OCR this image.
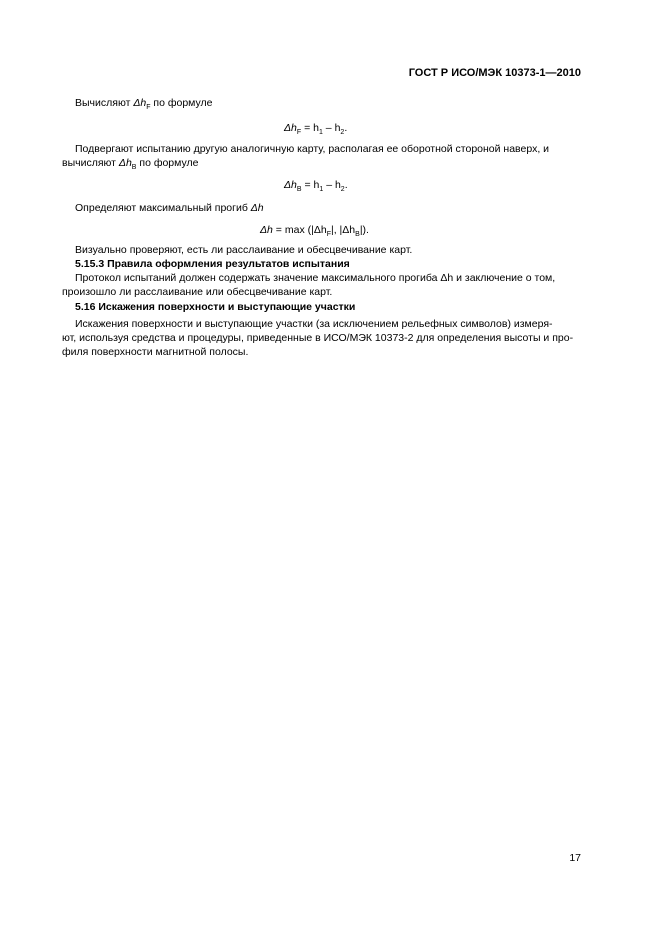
ГОСТ Р ИСО/МЭК 10373-1—2010
Вычисляют $\Delta h_F$ по формуле
$\Delta h_F = h_1 - h_2$.
Подвергают испытанию другую аналогичную карту, располагая ее оборотной стороной наверх, и
вычисляют $\Delta h_B$ по формуле
$\Delta h_B = h_1 - h_2$.
Определяют максимальный прогиб Δh
$\Delta h = \max (|\Delta h_F|$, $|\Delta h_B|$).
Визуально проверяют, есть ли расслаивание и обесцвечивание карт.
5.15.3 Правила оформления результатов испытания
Протокол испытаний должен содержать значение максимального прогиба Δh и заключение о том,
произошло ли расслаивание или обесцвечивание карт.
5.16 Искажения поверхности и выступающие участки
Искажения поверхности и выступающие участки (за исключением рельефных символов) измеря-
ют, используя средства и процедуры, приведенные в ИСО/МЭК 10373-2 для определения высоты и про-
филя поверхности магнитной полосы.
17
